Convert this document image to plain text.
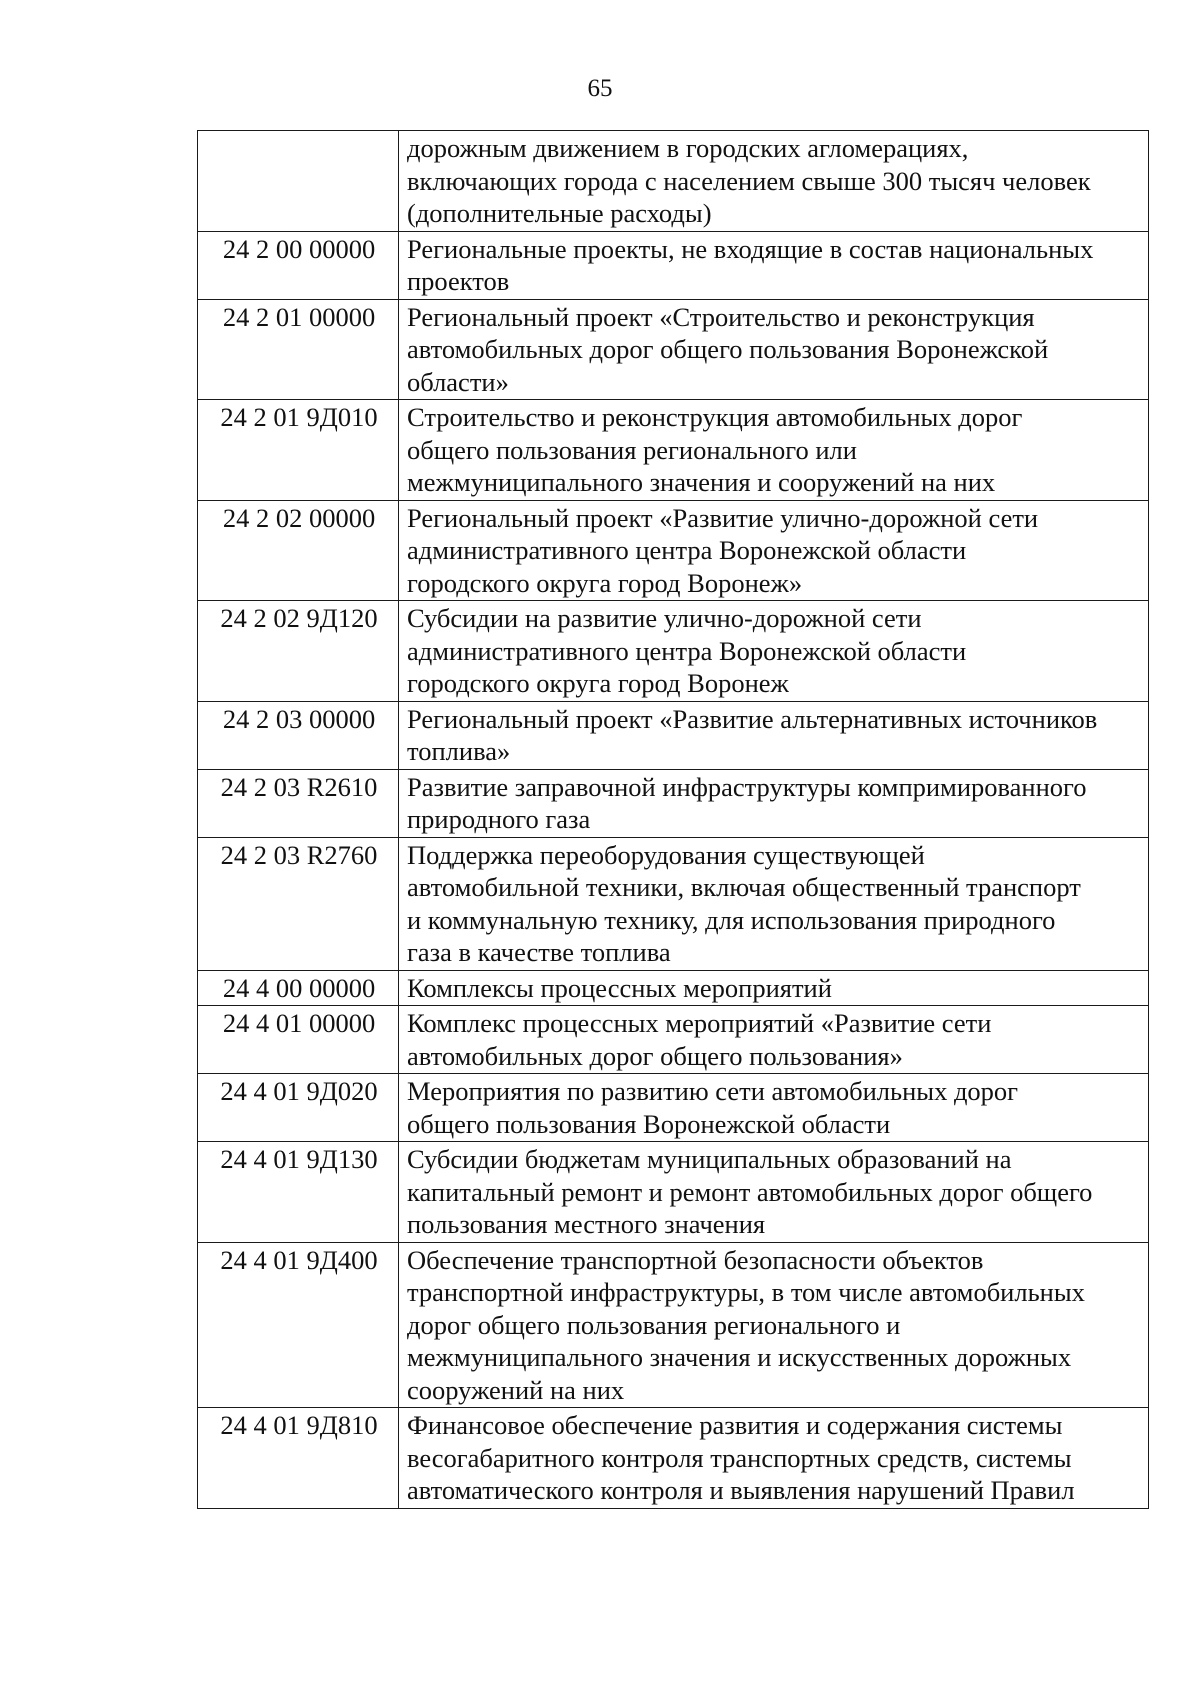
65

	дорожным движением в городских агломерациях,
включающих города с населением свыше 300 тысяч человек
(дополнительные расходы)

24 2 00 00000	Региональные проекты, не входящие в состав национальных
проектов

24 2 01 00000	Региональный проект «Строительство и реконструкция
автомобильных дорог общего пользования Воронежской
области»

24 2 01 9Д010	Строительство и реконструкция автомобильных дорог
общего пользования регионального или
межмуниципального значения и сооружений на них

24 2 02 00000	Региональный проект «Развитие улично-дорожной сети
административного центра Воронежской области
городского округа город Воронеж»

24 2 02 9Д120	Субсидии на развитие улично-дорожной сети
административного центра Воронежской области
городского округа город Воронеж

24 2 03 00000	Региональный проект «Развитие альтернативных источников
топлива»

24 2 03 R2610	Развитие заправочной инфраструктуры компримированного
природного газа

24 2 03 R2760	Поддержка переоборудования существующей
автомобильной техники, включая общественный транспорт
и коммунальную технику, для использования природного
газа в качестве топлива

24 4 00 00000	Комплексы процессных мероприятий

24 4 01 00000	Комплекс процессных мероприятий «Развитие сети
автомобильных дорог общего пользования»

24 4 01 9Д020	Мероприятия по развитию сети автомобильных дорог
общего пользования Воронежской области

24 4 01 9Д130	Субсидии бюджетам муниципальных образований на
капитальный ремонт и ремонт автомобильных дорог общего
пользования местного значения

24 4 01 9Д400	Обеспечение транспортной безопасности объектов
транспортной инфраструктуры, в том числе автомобильных
дорог общего пользования регионального и
межмуниципального значения и искусственных дорожных
сооружений на них

24 4 01 9Д810	Финансовое обеспечение развития и содержания системы
весогабаритного контроля транспортных средств, системы
автоматического контроля и выявления нарушений Правил
